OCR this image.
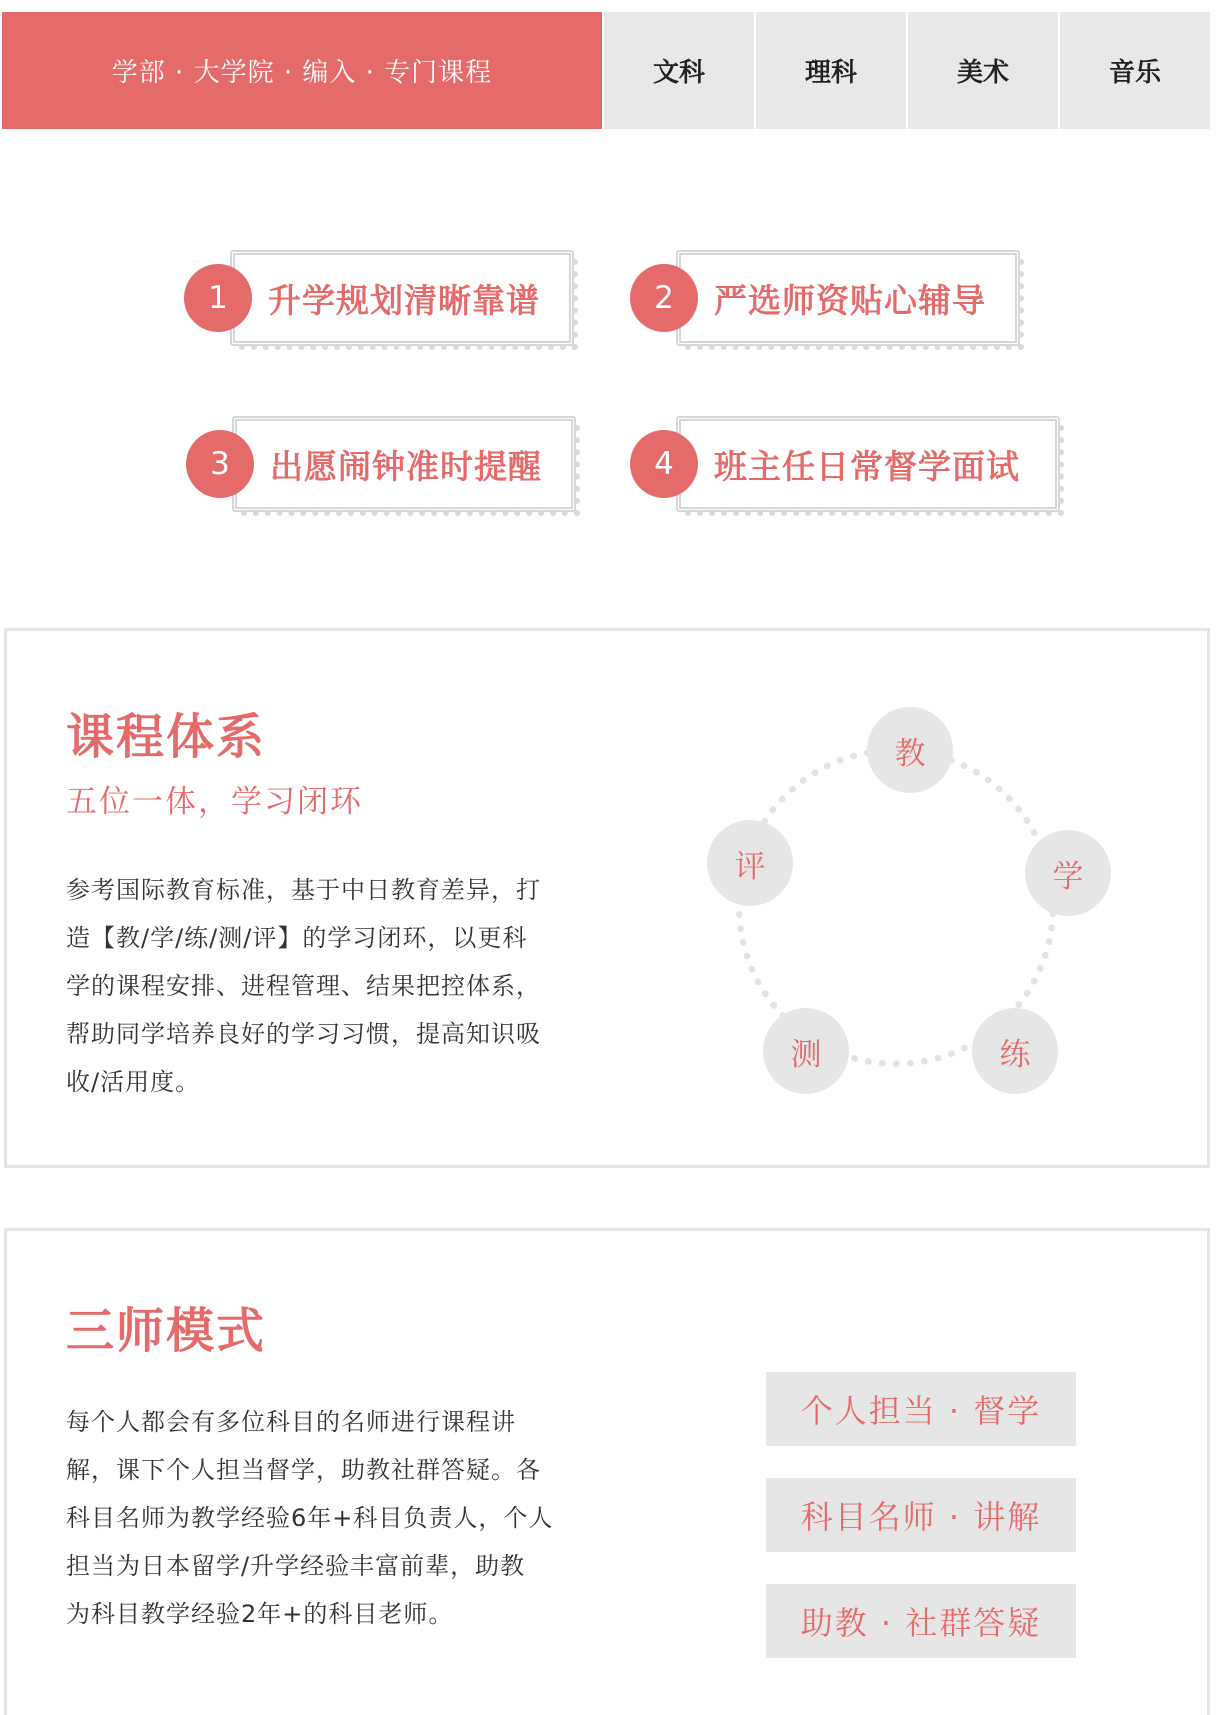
学部 · 大学院 · 编入 · 专门课程	文科	理科	美术	音乐
1	升学规划清晰靠谱	2	严选师资贴心辅导
3	出愿闹钟准时提醒	4	班主任日常督学面试
课程体系
五位一体，学习闭环
参考国际教育标准，基于中日教育差异，打
造【教/学/练/测/评】的学习闭环，以更科
学的课程安排、进程管理、结果把控体系，
帮助同学培养良好的学习习惯，提高知识吸
收/活用度。
教
学
练
测
评
三师模式
每个人都会有多位科目的名师进行课程讲
解，课下个人担当督学，助教社群答疑。各
科目名师为教学经验6年+科目负责人，个人
担当为日本留学/升学经验丰富前辈，助教
为科目教学经验2年+的科目老师。
个人担当 · 督学
科目名师 · 讲解
助教 · 社群答疑
